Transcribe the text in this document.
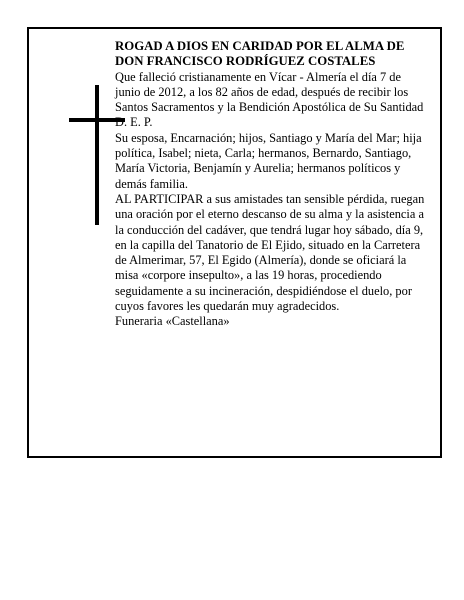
ROGAD A DIOS EN CARIDAD POR EL ALMA DE

DON FRANCISCO RODRÍGUEZ COSTALES

Que falleció cristianamente en Vícar - Almería el día 7 de junio de 2012, a los 82 años de edad, después de recibir los Santos Sacramentos y la Bendición Apostólica de Su Santidad

D. E. P.

Su esposa, Encarnación; hijos, Santiago y María del Mar; hija política, Isabel; nieta, Carla; hermanos, Bernardo, Santiago, María Victoria, Benjamín y Aurelia; hermanos políticos y demás familia.

AL PARTICIPAR a sus amistades tan sensible pérdida, ruegan una oración por el eterno descanso de su alma y la asistencia a la conducción del cadáver, que tendrá lugar hoy sábado, día 9, en la capilla del Tanatorio de El Ejido, situado en la Carretera de Almerimar, 57, El Egido (Almería), donde se oficiará la misa «corpore insepulto», a las 19 horas, procediendo seguidamente a su incineración, despidiéndose el duelo, por cuyos favores les quedarán muy agradecidos.

Funeraria «Castellana»
